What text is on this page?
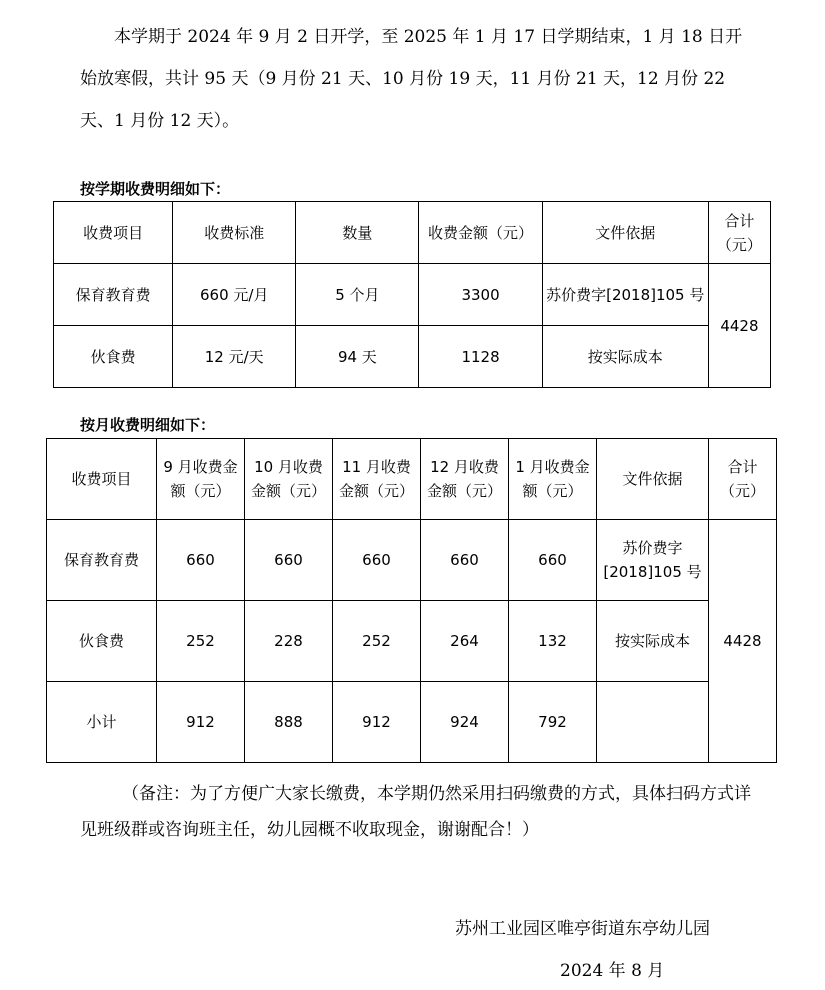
本学期于 2024 年 9 月 2 日开学，至 2025 年 1 月 17 日学期结束，1 月 18 日开始放寒假，共计 95 天（9 月份 21 天、10 月份 19 天，11 月份 21 天，12 月份 22 天、1 月份 12 天）。

按学期收费明细如下：

收费项目	收费标准	数量	收费金额（元）	文件依据	合计（元）
保育教育费	660 元/月	5 个月	3300	苏价费字[2018]105 号	4428
伙食费	12 元/天	94 天	1128	按实际成本	

按月收费明细如下：

收费项目	9 月收费金额（元）	10 月收费金额（元）	11 月收费金额（元）	12 月收费金额（元）	1 月收费金额（元）	文件依据	合计（元）
保育教育费	660	660	660	660	660	苏价费字[2018]105 号	4428
伙食费	252	228	252	264	132	按实际成本	
小计	912	888	912	924	792		

（备注：为了方便广大家长缴费，本学期仍然采用扫码缴费的方式，具体扫码方式详见班级群或咨询班主任，幼儿园概不收取现金，谢谢配合！）

苏州工业园区唯亭街道东亭幼儿园

2024 年 8 月
